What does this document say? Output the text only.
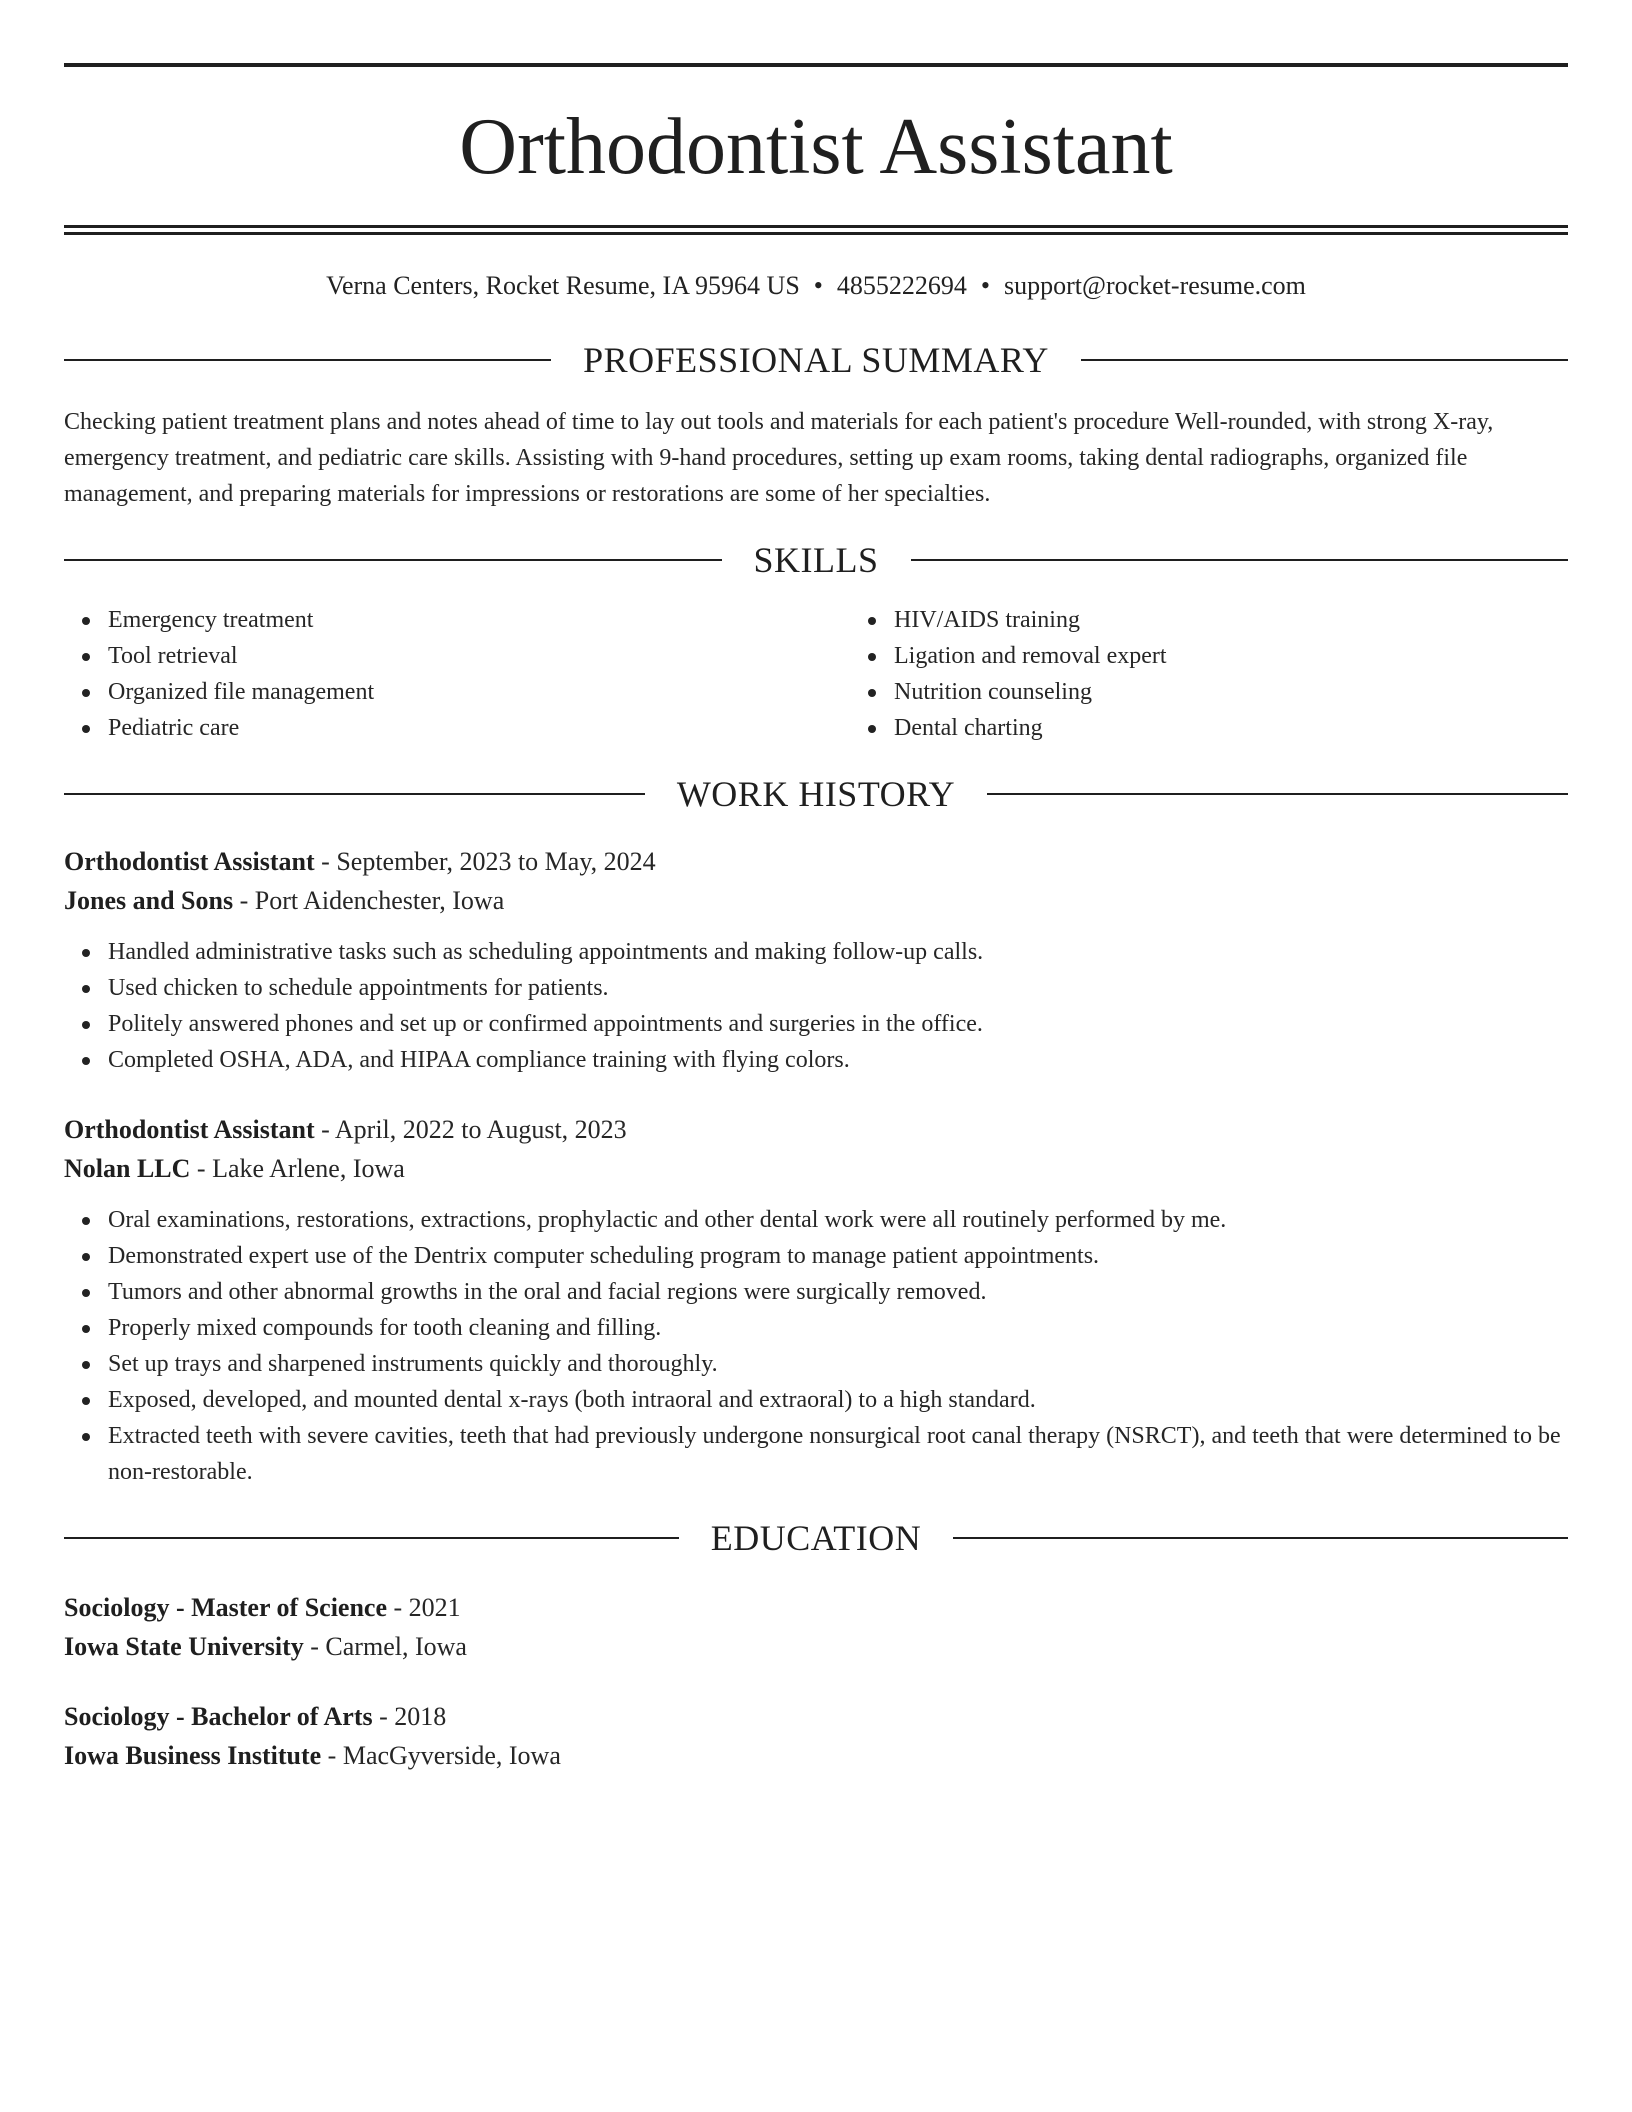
Orthodontist Assistant
Verna Centers, Rocket Resume, IA 95964 US • 4855222694 • support@rocket-resume.com
PROFESSIONAL SUMMARY
Checking patient treatment plans and notes ahead of time to lay out tools and materials for each patient's procedure Well-rounded, with strong X-ray, emergency treatment, and pediatric care skills. Assisting with 9-hand procedures, setting up exam rooms, taking dental radiographs, organized file management, and preparing materials for impressions or restorations are some of her specialties.
SKILLS
Emergency treatment
Tool retrieval
Organized file management
Pediatric care
HIV/AIDS training
Ligation and removal expert
Nutrition counseling
Dental charting
WORK HISTORY
Orthodontist Assistant - September, 2023 to May, 2024
Jones and Sons - Port Aidenchester, Iowa
Handled administrative tasks such as scheduling appointments and making follow-up calls.
Used chicken to schedule appointments for patients.
Politely answered phones and set up or confirmed appointments and surgeries in the office.
Completed OSHA, ADA, and HIPAA compliance training with flying colors.
Orthodontist Assistant - April, 2022 to August, 2023
Nolan LLC - Lake Arlene, Iowa
Oral examinations, restorations, extractions, prophylactic and other dental work were all routinely performed by me.
Demonstrated expert use of the Dentrix computer scheduling program to manage patient appointments.
Tumors and other abnormal growths in the oral and facial regions were surgically removed.
Properly mixed compounds for tooth cleaning and filling.
Set up trays and sharpened instruments quickly and thoroughly.
Exposed, developed, and mounted dental x-rays (both intraoral and extraoral) to a high standard.
Extracted teeth with severe cavities, teeth that had previously undergone nonsurgical root canal therapy (NSRCT), and teeth that were determined to be non-restorable.
EDUCATION
Sociology - Master of Science - 2021
Iowa State University - Carmel, Iowa
Sociology - Bachelor of Arts - 2018
Iowa Business Institute - MacGyverside, Iowa
